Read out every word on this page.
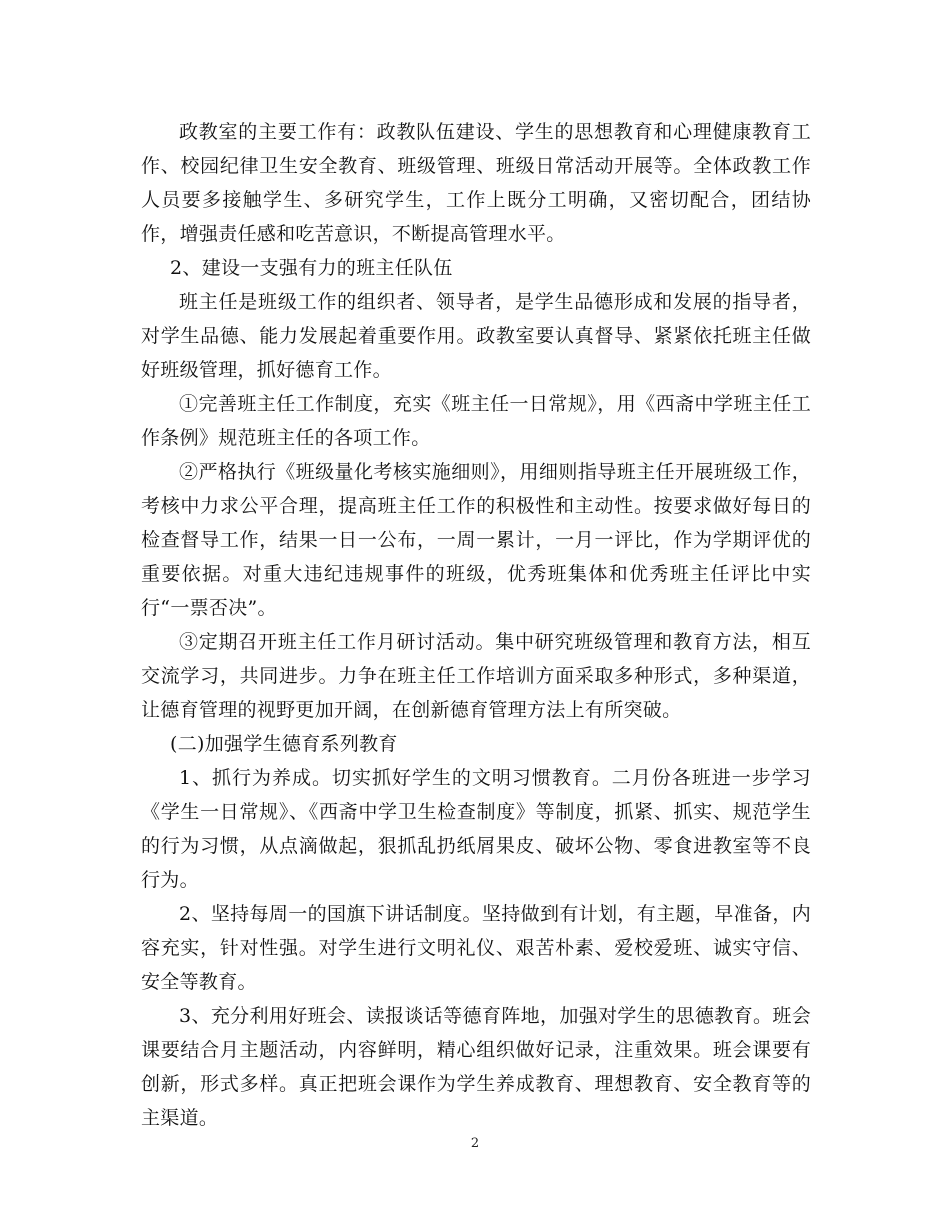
政教室的主要工作有：政教队伍建设、学生的思想教育和心理健康教育工作、校园纪律卫生安全教育、班级管理、班级日常活动开展等。全体政教工作人员要多接触学生、多研究学生，工作上既分工明确，又密切配合，团结协作，增强责任感和吃苦意识，不断提高管理水平。

2、建设一支强有力的班主任队伍

班主任是班级工作的组织者、领导者，是学生品德形成和发展的指导者，对学生品德、能力发展起着重要作用。政教室要认真督导、紧紧依托班主任做好班级管理，抓好德育工作。

①完善班主任工作制度，充实《班主任一日常规》，用《西斋中学班主任工作条例》规范班主任的各项工作。

②严格执行《班级量化考核实施细则》，用细则指导班主任开展班级工作，考核中力求公平合理，提高班主任工作的积极性和主动性。按要求做好每日的检查督导工作，结果一日一公布，一周一累计，一月一评比，作为学期评优的重要依据。对重大违纪违规事件的班级，优秀班集体和优秀班主任评比中实行“一票否决”。

③定期召开班主任工作月研讨活动。集中研究班级管理和教育方法，相互交流学习，共同进步。力争在班主任工作培训方面采取多种形式，多种渠道，让德育管理的视野更加开阔，在创新德育管理方法上有所突破。

(二)加强学生德育系列教育

1、抓行为养成。切实抓好学生的文明习惯教育。二月份各班进一步学习《学生一日常规》、《西斋中学卫生检查制度》等制度，抓紧、抓实、规范学生的行为习惯，从点滴做起，狠抓乱扔纸屑果皮、破坏公物、零食进教室等不良行为。

2、坚持每周一的国旗下讲话制度。坚持做到有计划，有主题，早准备，内容充实，针对性强。对学生进行文明礼仪、艰苦朴素、爱校爱班、诚实守信、安全等教育。

3、充分利用好班会、读报谈话等德育阵地，加强对学生的思德教育。班会课要结合月主题活动，内容鲜明，精心组织做好记录，注重效果。班会课要有创新，形式多样。真正把班会课作为学生养成教育、理想教育、安全教育等的主渠道。

2
